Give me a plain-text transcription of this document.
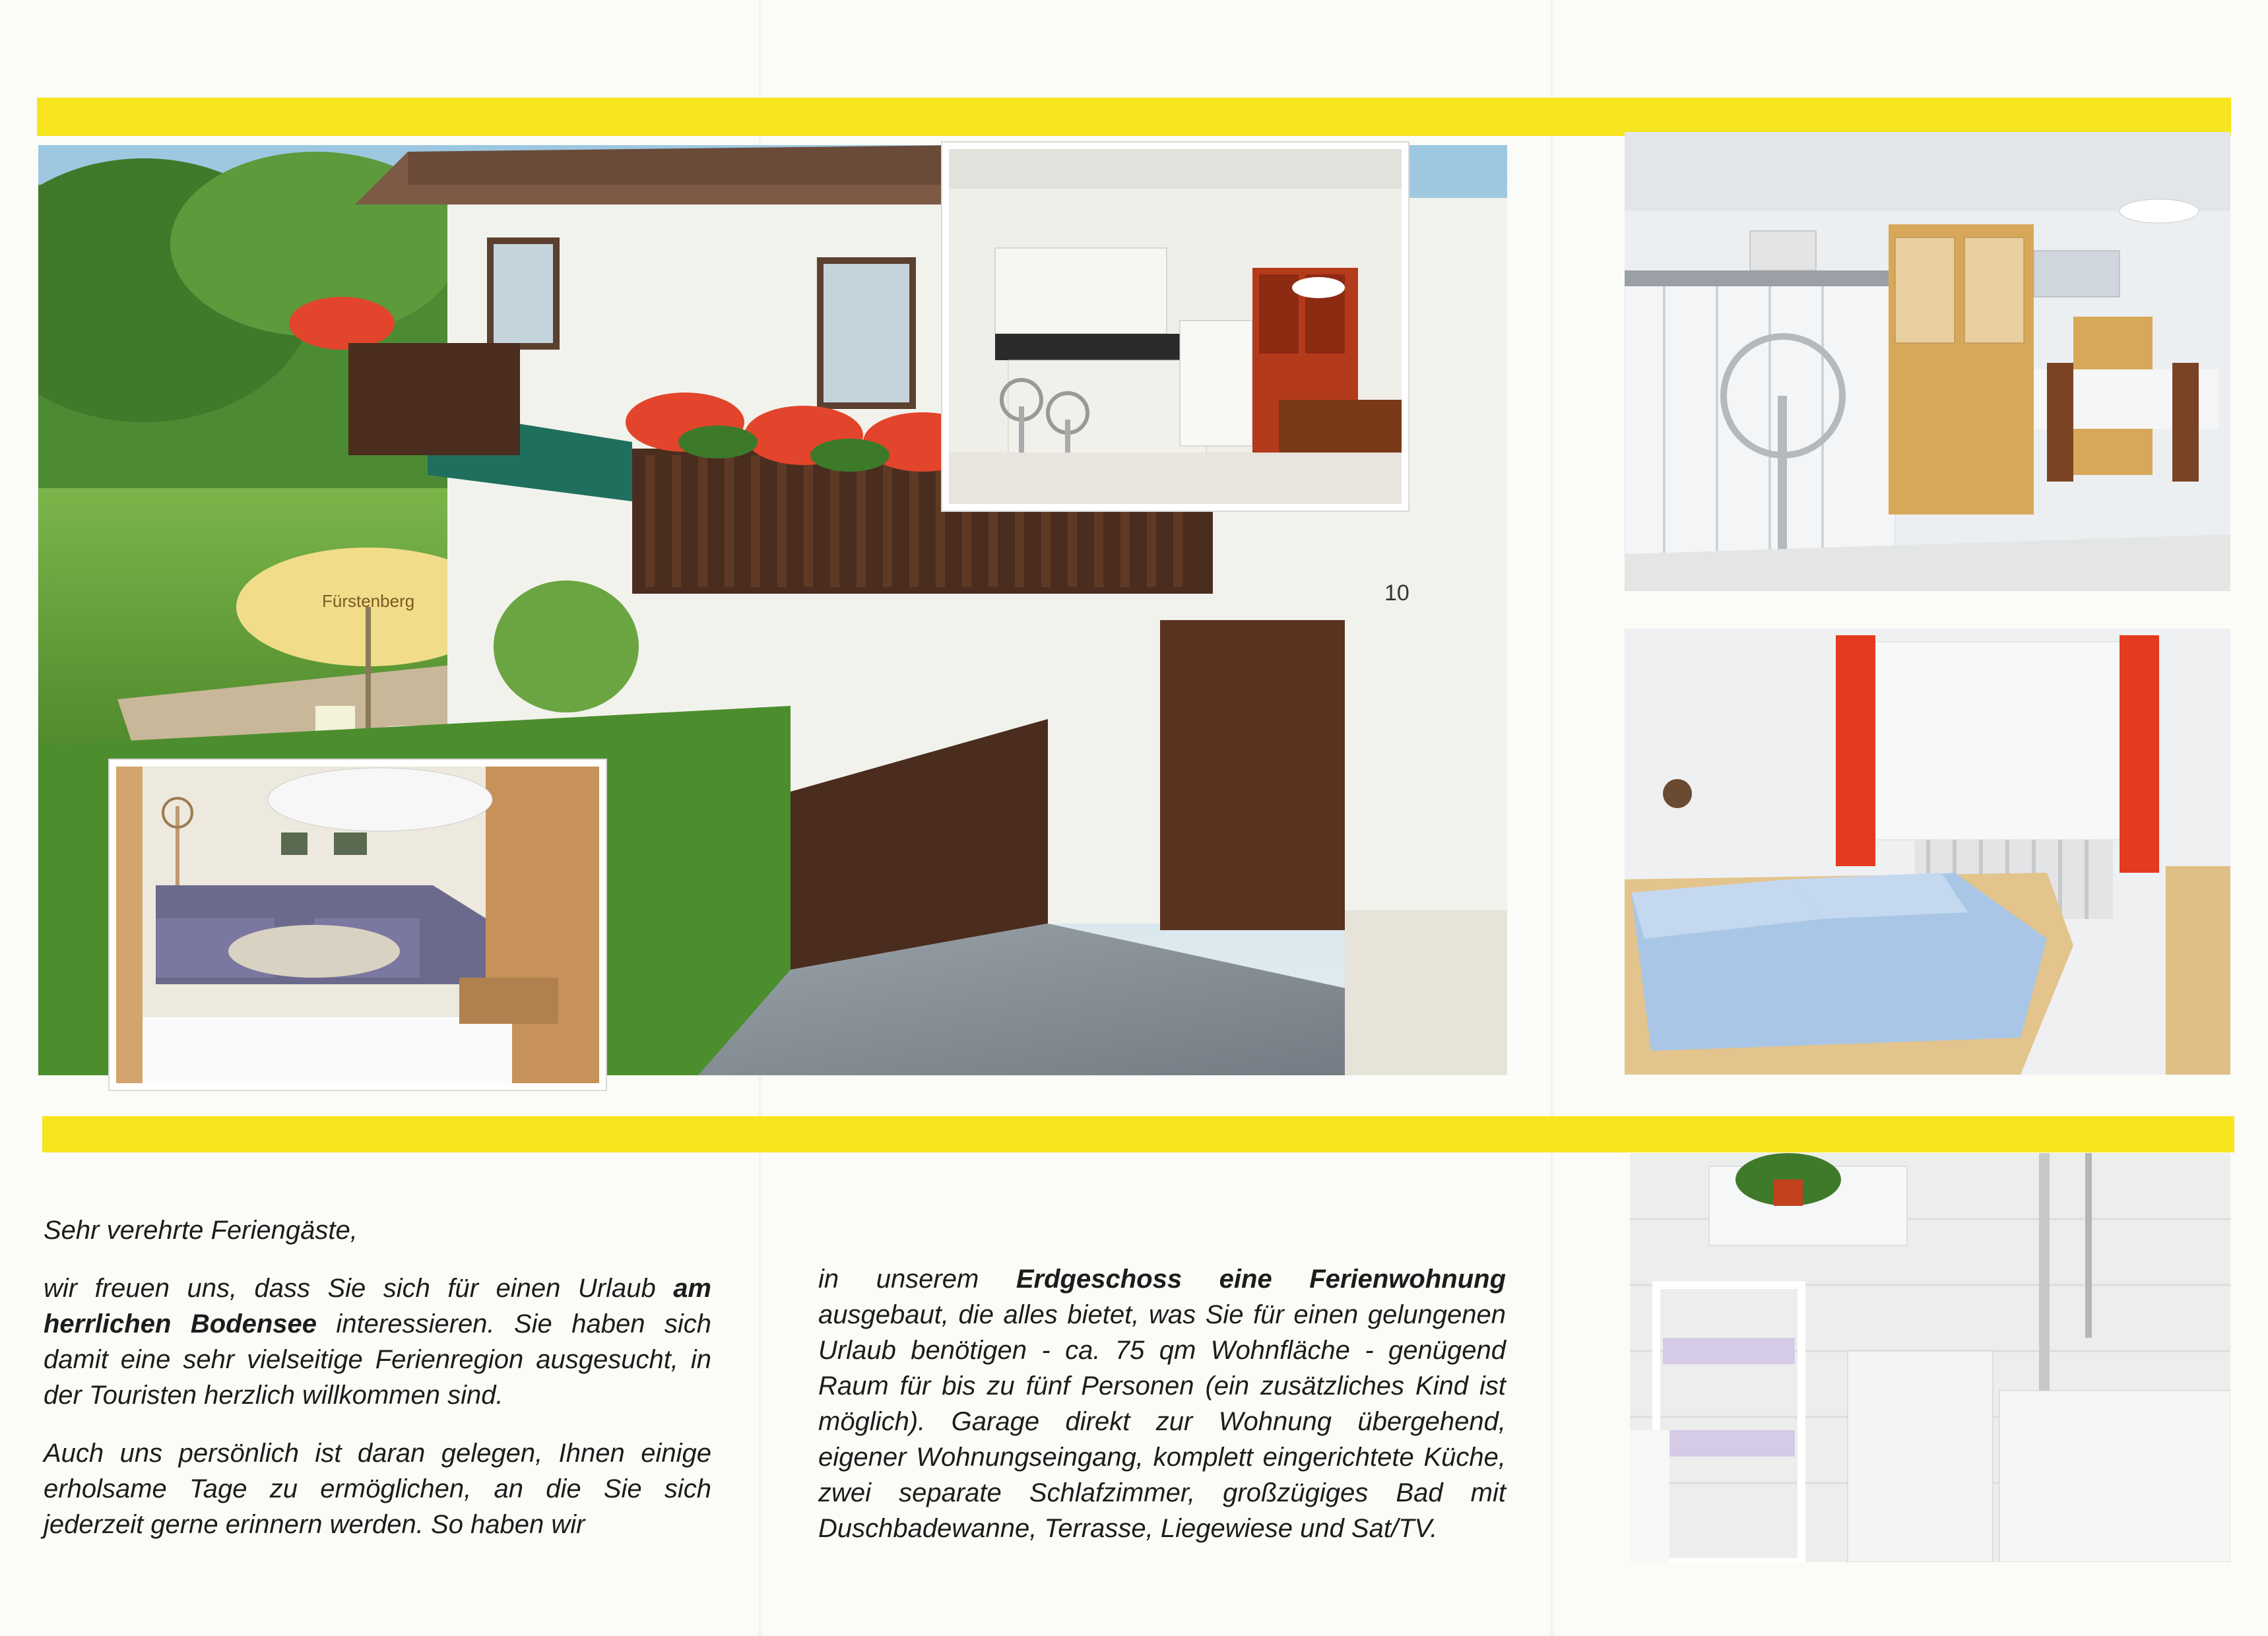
Fürstenberg	10

Sehr verehrte Feriengäste,

wir freuen uns, dass Sie sich für einen Urlaub am herrlichen Bodensee interessieren. Sie haben sich damit eine sehr vielseitige Ferienregion ausgesucht, in der Touristen herzlich willkommen sind.

Auch uns persönlich ist daran gelegen, Ihnen einige erholsame Tage zu ermöglichen, an die Sie sich jederzeit gerne erinnern werden. So haben wir

in unserem Erdgeschoss eine Ferienwohnung ausgebaut, die alles bietet, was Sie für einen gelungenen Urlaub benötigen - ca. 75 qm Wohnfläche - genügend Raum für bis zu fünf Personen (ein zusätzliches Kind ist möglich). Garage direkt zur Wohnung übergehend, eigener Wohnungseingang, komplett eingerichtete Küche, zwei separate Schlafzimmer, großzügiges Bad mit Duschbadewanne, Terrasse, Liegewiese und Sat/TV.
